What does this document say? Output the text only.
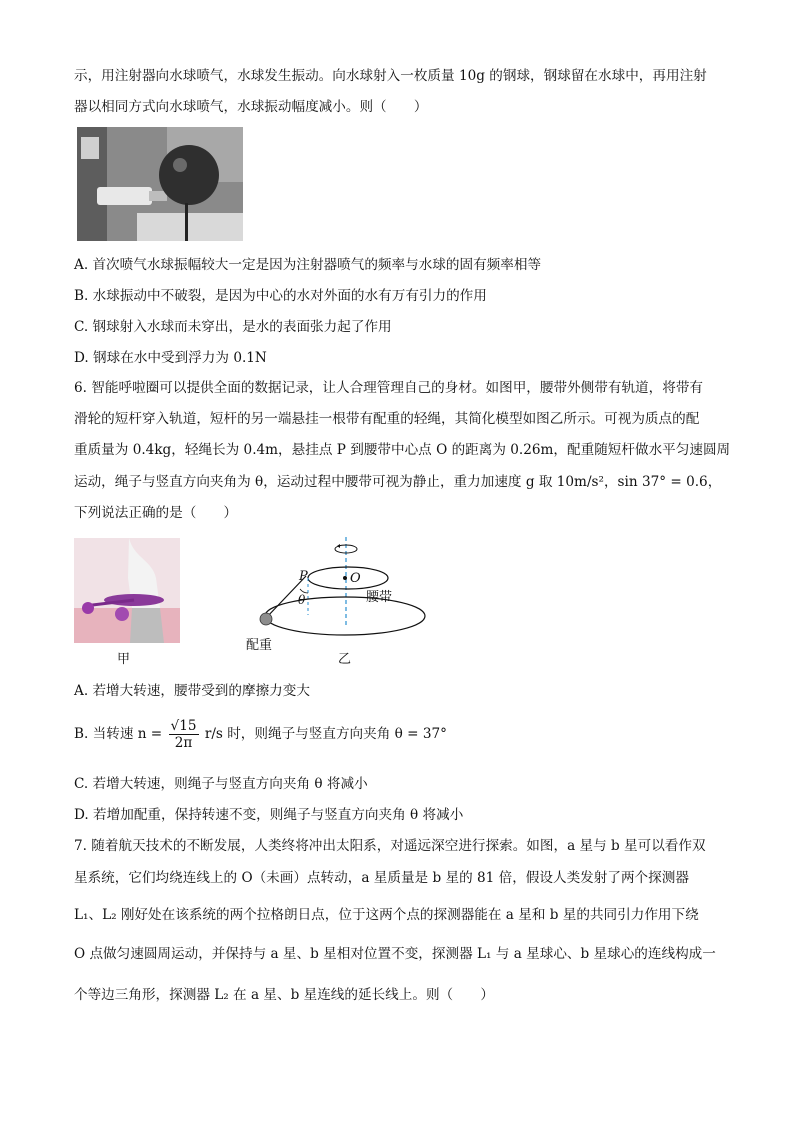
示，用注射器向水球喷气，水球发生振动。向水球射入一枚质量 10g 的钢球，钢球留在水球中，再用注射
器以相同方式向水球喷气，水球振动幅度减小。则（　　）
A. 首次喷气水球振幅较大一定是因为注射器喷气的频率与水球的固有频率相等
B. 水球振动中不破裂，是因为中心的水对外面的水有万有引力的作用
C. 钢球射入水球而未穿出，是水的表面张力起了作用
D. 钢球在水中受到浮力为 0.1N
6. 智能呼啦圈可以提供全面的数据记录，让人合理管理自己的身材。如图甲，腰带外侧带有轨道，将带有
滑轮的短杆穿入轨道，短杆的另一端悬挂一根带有配重的轻绳，其简化模型如图乙所示。可视为质点的配
重质量为 0.4kg，轻绳长为 0.4m，悬挂点 P 到腰带中心点 O 的距离为 0.26m，配重随短杆做水平匀速圆周
运动，绳子与竖直方向夹角为 θ，运动过程中腰带可视为静止，重力加速度 g 取 10m/s²，sin 37° = 0.6，
下列说法正确的是（　　）
甲
P	O
θ	腰带
配重
乙
A. 若增大转速，腰带受到的摩擦力变大
B. 当转速 $n = \frac{√15}{2\pi} r/s$ 时，则绳子与竖直方向夹角 θ = 37°
C. 若增大转速，则绳子与竖直方向夹角 θ 将减小
D. 若增加配重，保持转速不变，则绳子与竖直方向夹角 θ 将减小
7. 随着航天技术的不断发展，人类终将冲出太阳系，对遥远深空进行探索。如图，a 星与 b 星可以看作双
星系统，它们均绕连线上的 O（未画）点转动，a 星质量是 b 星的 81 倍，假设人类发射了两个探测器
L₁、L₂ 刚好处在该系统的两个拉格朗日点，位于这两个点的探测器能在 a 星和 b 星的共同引力作用下绕
O 点做匀速圆周运动，并保持与 a 星、b 星相对位置不变，探测器 L₁ 与 a 星球心、b 星球心的连线构成一
个等边三角形，探测器 L₂ 在 a 星、b 星连线的延长线上。则（　　）
